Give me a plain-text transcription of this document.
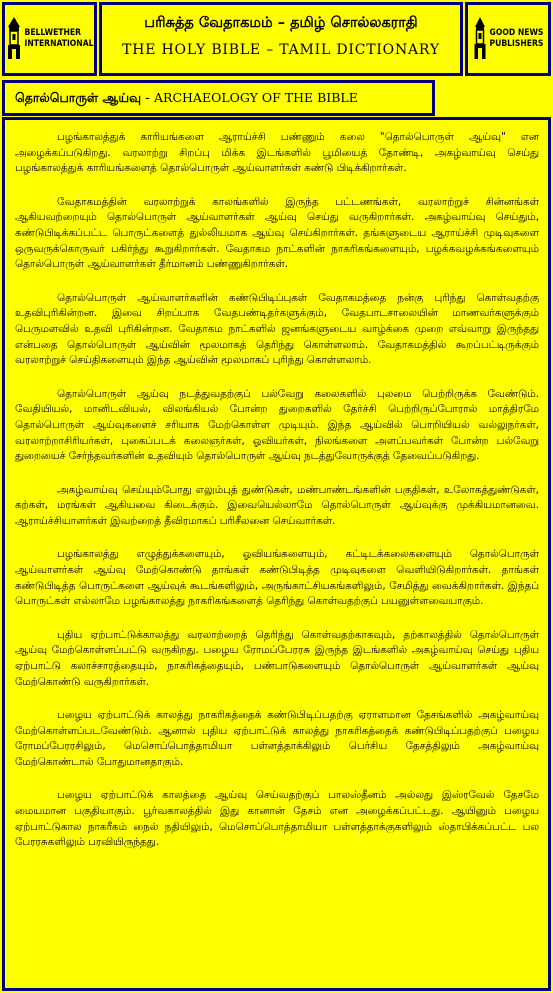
BELLWETHER
INTERNATIONAL
பரிசுத்த வேதாகமம் – தமிழ் சொல்லகராதி
THE HOLY BIBLE – TAMIL DICTIONARY
GOOD NEWS
PUBLISHERS
தொல்பொருள் ஆய்வு - ARCHAEOLOGY OF THE BIBLE

பழங்காலத்துக் காரியங்களை ஆராய்ச்சி பண்ணும் கலை "தொல்பொருள் ஆய்வு" என அழைக்கப்படுகிறது. வரலாற்று சிறப்பு மிக்க இடங்களில் பூமியைத் தோண்டி, அகழ்வாய்வு செய்து பழங்காலத்துக் காரியங்களைத் தொல்பொருள் ஆய்வாளர்கள் கண்டு பிடிக்கிறார்கள்.

வேதாகமத்தின் வரலாற்றுக் காலங்களில் இருந்த பட்டணங்கள், வரலாற்றுச் சின்னங்கள் ஆகியவற்றையும் தொல்பொருள் ஆய்வாளர்கள் ஆய்வு செய்து வருகிறார்கள். அகழ்வாய்வு செய்தும், கண்டுபிடிக்கப்பட்ட பொருட்களைத் துல்லியமாக ஆய்வு செய்கிறார்கள். தங்களுடைய ஆராய்ச்சி முடிவுகளை ஒருவருக்கொருவர் பகிர்ந்து கூறுகிறார்கள். வேதாகம நாட்களின் நாகரிகங்களையும், பழக்கவழக்கங்களையும் தொல்பொருள் ஆய்வாளர்கள் தீர்மானம் பண்ணுகிறார்கள்.

தொல்பொருள் ஆய்வாளர்களின் கண்டுபிடிப்புகள் வேதாகமத்தை நன்கு புரிந்து கொள்வதற்கு உதவிபுரிகின்றன. இவை சிறப்பாக வேதபண்டிதர்களுக்கும், வேதபாடசாலையின் மாணவர்களுக்கும் பெருமளவில் உதவி புரிகின்றன. வேதாகம நாட்களில் ஜனங்களுடைய வாழ்க்கை முறை எவ்வாறு இருந்தது என்பதை தொல்பொருள் ஆய்வின் மூலமாகத் தெரிந்து கொள்ளலாம். வேதாகமத்தில் கூறப்பட்டிருக்கும் வரலாற்றுச் செய்திகளையும் இந்த ஆய்வின் மூலமாகப் புரிந்து கொள்ளலாம்.

தொல்பொருள் ஆய்வு நடத்துவதற்குப் பல்வேறு கலைகளில் புலமை பெற்றிருக்க வேண்டும். வேதியியல், மானிடவியல், விலங்கியல் போன்ற துறைகளில் தேர்ச்சி பெற்றிருப்போரால் மாத்திரமே தொல்பொருள் ஆய்வுகளைச் சரியாக மேற்கொள்ள முடியும். இந்த ஆய்வில் பொறியியல் வல்லுநர்கள், வரலாற்றாசிரியர்கள், புகைப்படக் கலைஞர்கள், ஓவியர்கள், நிலங்களை அளப்பவர்கள் போன்ற பல்வேறு துறையைச் சேர்ந்தவர்களின் உதவியும் தொல்பொருள் ஆய்வு நடத்துவோருக்குத் தேவைப்படுகிறது.

அகழ்வாய்வு செய்யும்போது எலும்புத் துண்டுகள், மண்பாண்டங்களின் பகுதிகள், உலோகத்துண்டுகள், கற்கள், மரங்கள் ஆகியவை கிடைக்கும். இவையெல்லாமே தொல்பொருள் ஆய்வுக்கு முக்கியமானவை. ஆராய்ச்சியாளர்கள் இவற்றைத் தீவிரமாகப் பரிசீலனை செய்வார்கள்.

பழங்காலத்து எழுத்துக்களையும், ஓவியங்களையும், கட்டிடக்கலைகளையும் தொல்பொருள் ஆய்வாளர்கள் ஆய்வு மேற்கொண்டு தாங்கள் கண்டுபிடித்த முடிவுகளை வெளியிடுகிறார்கள். தாங்கள் கண்டுபிடித்த பொருட்களை ஆய்வுக் கூடங்களிலும், அருங்காட்சியகங்களிலும், சேமித்து வைக்கிறார்கள். இந்தப் பொருட்கள் எல்லாமே பழங்காலத்து நாகரிகங்களைத் தெரிந்து கொள்வதற்குப் பயனுள்ளவையாகும்.

புதிய ஏற்பாட்டுக்காலத்து வரலாற்றைத் தெரிந்து கொள்வதற்காகவும், தற்காலத்தில் தொல்பொருள் ஆய்வு மேற்கொள்ளப்பட்டு வருகிறது. பழைய ரோமப்பேரரசு இருந்த இடங்களில் அகழ்வாய்வு செய்து புதிய ஏற்பாட்டு கலாச்சாரத்தையும், நாகரிகத்தையும், பண்பாடுகளையும் தொல்பொருள் ஆய்வாளர்கள் ஆய்வு மேற்கொண்டு வருகிறார்கள்.

பழைய ஏற்பாட்டுக் காலத்து நாகரிகத்தைக் கண்டுபிடிப்பதற்கு ஏராளமான தேசங்களில் அகழ்வாய்வு மேற்கொள்ளப்படவேண்டும். ஆனால் புதிய ஏற்பாட்டுக் காலத்து நாகரிகத்தைக் கண்டுபிடிப்பதற்குப் பழைய ரோமப்பேரரசிலும், மெசொப்பொத்தாமியா பள்ளத்தாக்கிலும் பெர்சிய தேசத்திலும் அகழ்வாய்வு மேற்கொண்டால் போதுமானதாகும்.

பழைய ஏற்பாட்டுக் காலத்தை ஆய்வு செய்வதற்குப் பாலஸ்தீனம் அல்லது இஸ்ரவேல் தேசமே மையமான பகுதியாகும். பூர்வகாலத்தில் இது கானான் தேசம் என அழைக்கப்பட்டது. ஆயினும் பழைய ஏற்பாட்டுகால நாகரீகம் நைல் நதியிலும், மெசொப்பொத்தாமியா பள்ளத்தாக்குகளிலும் ஸ்தாபிக்கப்பட்ட பல பேரரசுகளிலும் பரவியிருந்தது.
